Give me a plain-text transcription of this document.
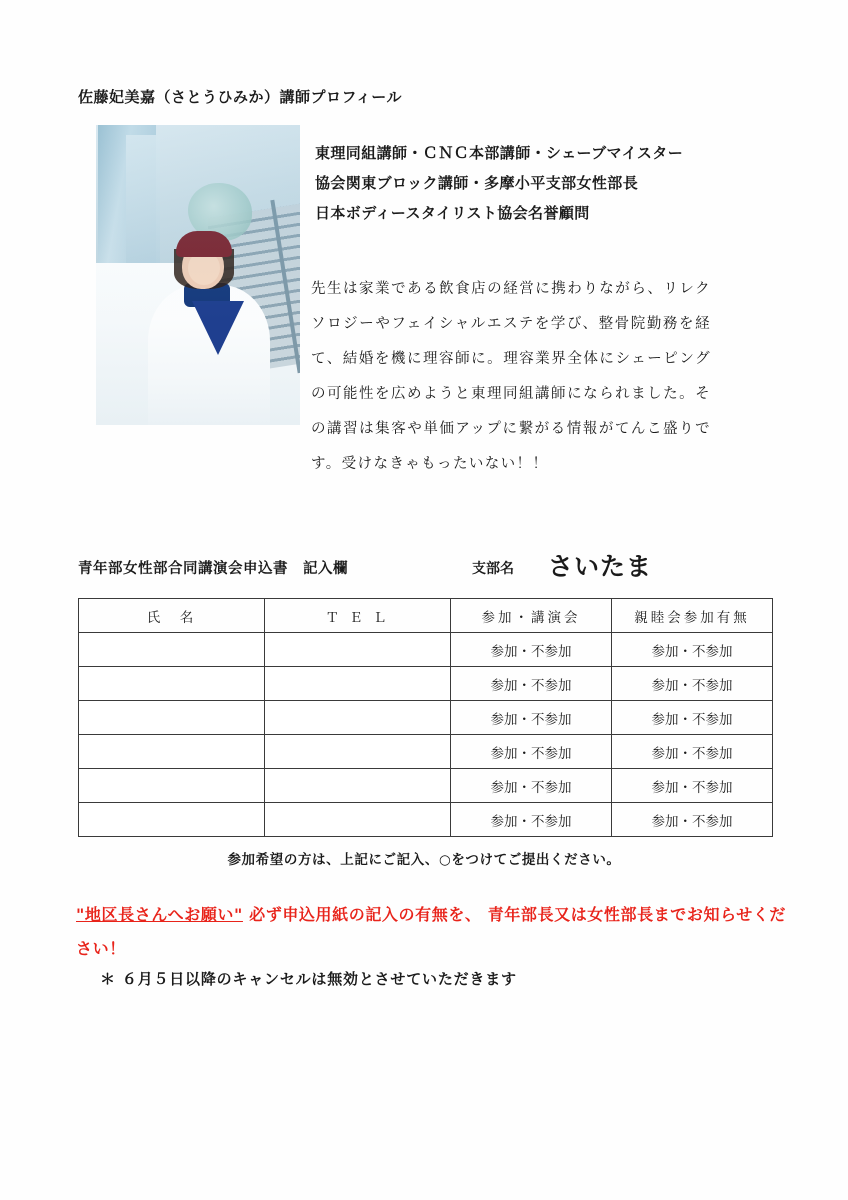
佐藤妃美嘉（さとうひみか）講師プロフィール
東理同組講師・ＣＮＣ本部講師・シェーブマイスター
協会関東ブロック講師・多摩小平支部女性部長
日本ボディースタイリスト協会名誉顧問
先生は家業である飲食店の経営に携わりながら、リレクソロジーやフェイシャルエステを学び、整骨院勤務を経て、結婚を機に理容師に。理容業界全体にシェーピングの可能性を広めようと東理同組講師になられました。その講習は集客や単価アップに繋がる情報がてんこ盛りです。受けなきゃもったいない！！
青年部女性部合同講演会申込書　記入欄	支部名 さいたま
氏　名	Ｔ Ｅ Ｌ	参加・講演会	親睦会参加有無
		参加・不参加	参加・不参加
		参加・不参加	参加・不参加
		参加・不参加	参加・不参加
		参加・不参加	参加・不参加
		参加・不参加	参加・不参加
		参加・不参加	参加・不参加
参加希望の方は、上記にご記入、○をつけてご提出ください。
"地区長さんへお願い" 必ず申込用紙の記入の有無を、 青年部長又は女性部長までお知らせください！
＊ ６月５日以降のキャンセルは無効とさせていただきます
